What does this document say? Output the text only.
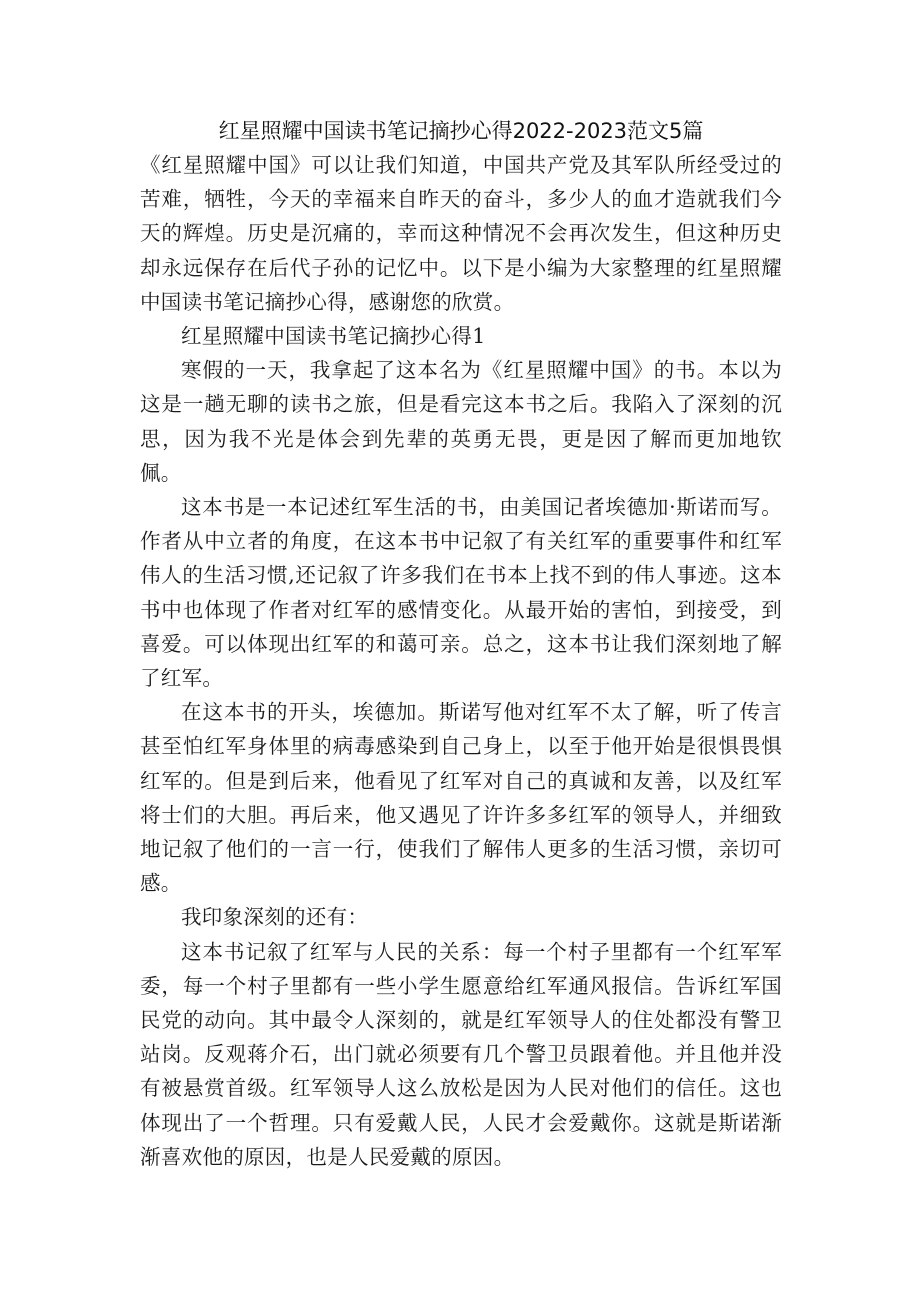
红星照耀中国读书笔记摘抄心得2022-2023范文5篇

《红星照耀中国》可以让我们知道，中国共产党及其军队所经受过的苦难，牺牲，今天的幸福来自昨天的奋斗，多少人的血才造就我们今天的辉煌。历史是沉痛的，幸而这种情况不会再次发生，但这种历史却永远保存在后代子孙的记忆中。以下是小编为大家整理的红星照耀中国读书笔记摘抄心得，感谢您的欣赏。

红星照耀中国读书笔记摘抄心得1

寒假的一天，我拿起了这本名为《红星照耀中国》的书。本以为这是一趟无聊的读书之旅，但是看完这本书之后。我陷入了深刻的沉思，因为我不光是体会到先辈的英勇无畏，更是因了解而更加地钦佩。

这本书是一本记述红军生活的书，由美国记者埃德加·斯诺而写。作者从中立者的角度，在这本书中记叙了有关红军的重要事件和红军伟人的生活习惯,还记叙了许多我们在书本上找不到的伟人事迹。这本书中也体现了作者对红军的感情变化。从最开始的害怕，到接受，到喜爱。可以体现出红军的和蔼可亲。总之，这本书让我们深刻地了解了红军。

在这本书的开头，埃德加。斯诺写他对红军不太了解，听了传言甚至怕红军身体里的病毒感染到自己身上，以至于他开始是很惧畏惧红军的。但是到后来，他看见了红军对自己的真诚和友善，以及红军将士们的大胆。再后来，他又遇见了许许多多红军的领导人，并细致地记叙了他们的一言一行，使我们了解伟人更多的生活习惯，亲切可感。

我印象深刻的还有：

这本书记叙了红军与人民的关系：每一个村子里都有一个红军军委，每一个村子里都有一些小学生愿意给红军通风报信。告诉红军国民党的动向。其中最令人深刻的，就是红军领导人的住处都没有警卫站岗。反观蒋介石，出门就必须要有几个警卫员跟着他。并且他并没有被悬赏首级。红军领导人这么放松是因为人民对他们的信任。这也体现出了一个哲理。只有爱戴人民，人民才会爱戴你。这就是斯诺渐渐喜欢他的原因，也是人民爱戴的原因。
